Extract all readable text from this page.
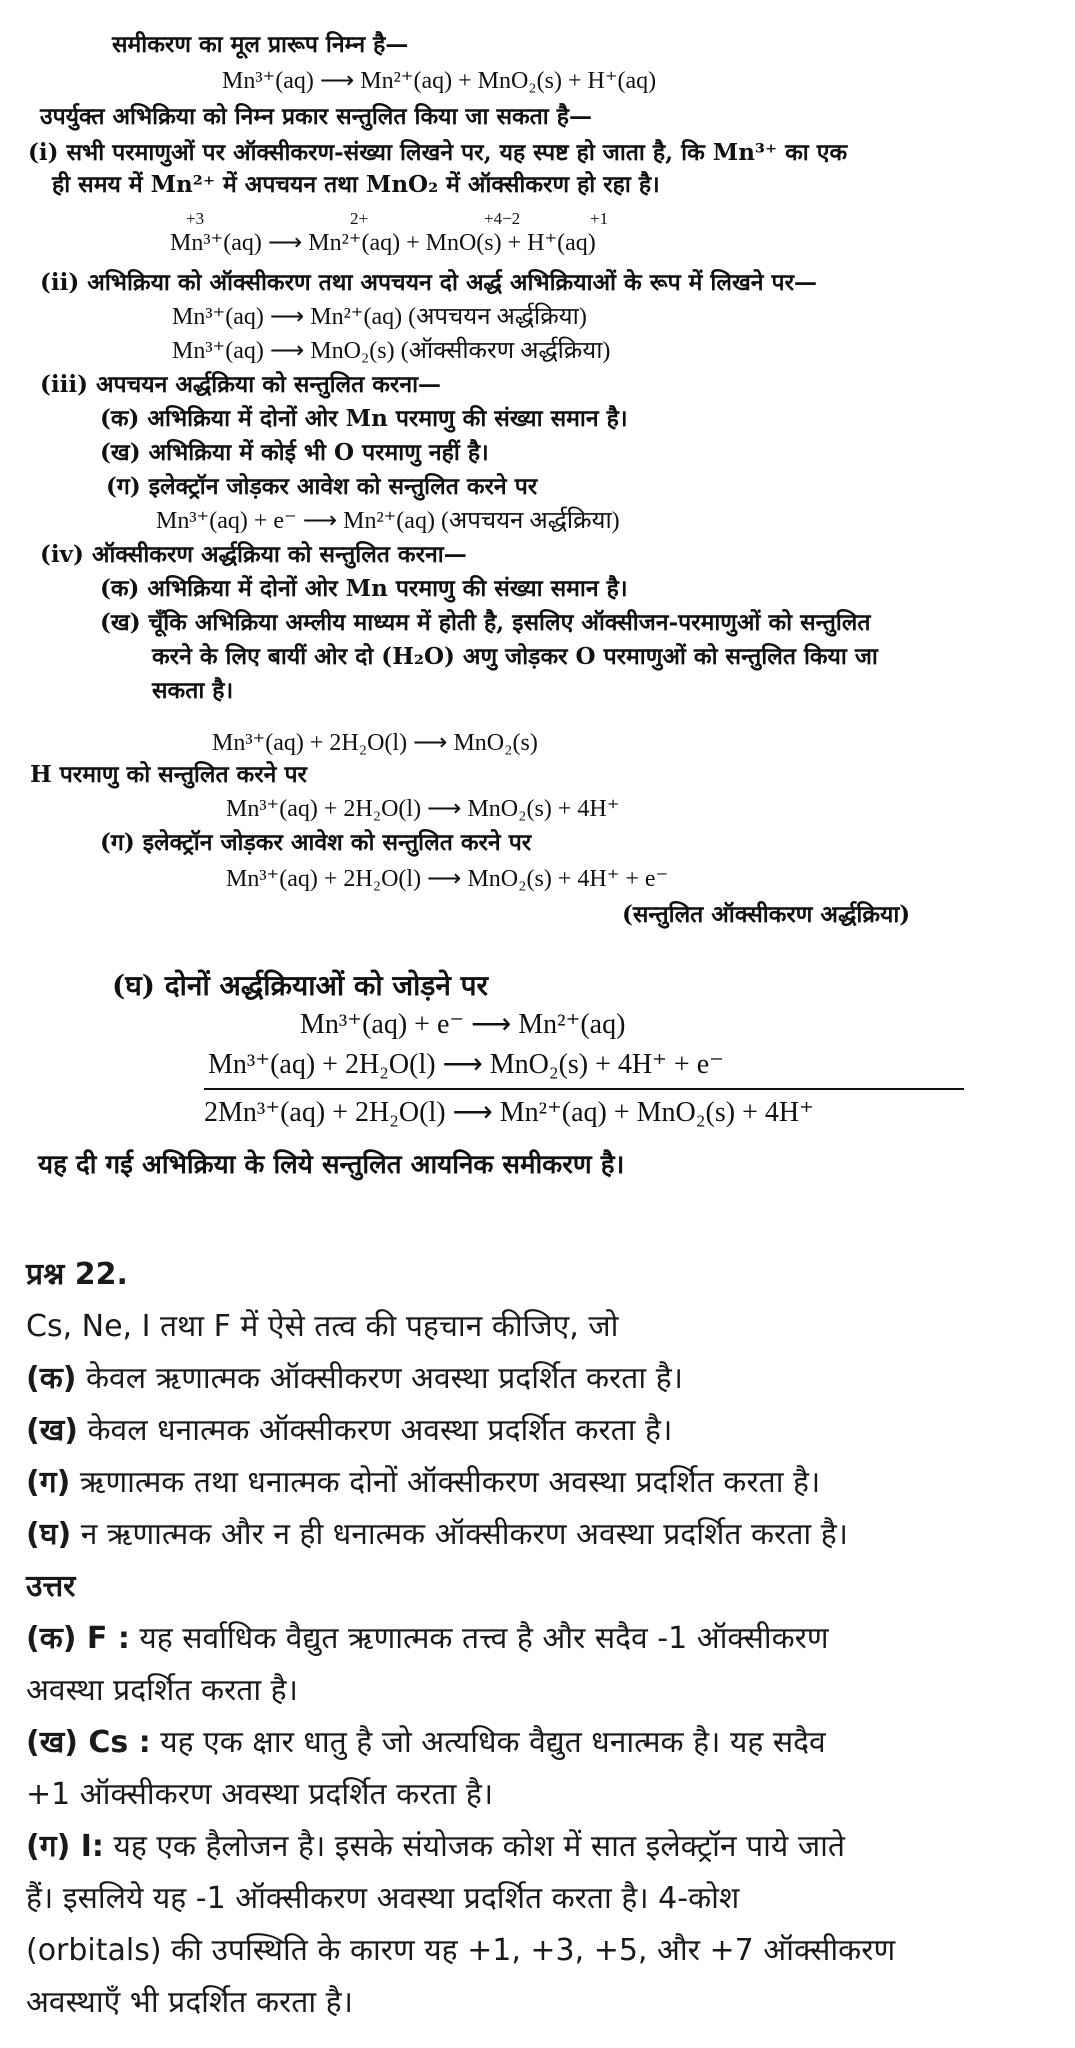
समीकरण का मूल प्रारूप निम्न है—
Mn³⁺(aq) ⟶ Mn²⁺(aq) + MnO₂(s) + H⁺(aq)
उपर्युक्त अभिक्रिया को निम्न प्रकार सन्तुलित किया जा सकता है—
(i) सभी परमाणुओं पर ऑक्सीकरण-संख्या लिखने पर, यह स्पष्ट हो जाता है, कि Mn³⁺ का एक
ही समय में Mn²⁺ में अपचयन तथा MnO₂ में ऑक्सीकरण हो रहा है।
+3	2+	+4−2	+1
Mn³⁺(aq) ⟶ Mn²⁺(aq) + MnO(s) + H⁺(aq)
(ii) अभिक्रिया को ऑक्सीकरण तथा अपचयन दो अर्द्ध अभिक्रियाओं के रूप में लिखने पर—
Mn³⁺(aq) ⟶ Mn²⁺(aq) (अपचयन अर्द्धक्रिया)
Mn³⁺(aq) ⟶ MnO₂(s) (ऑक्सीकरण अर्द्धक्रिया)
(iii) अपचयन अर्द्धक्रिया को सन्तुलित करना—
(क) अभिक्रिया में दोनों ओर Mn परमाणु की संख्या समान है।
(ख) अभिक्रिया में कोई भी O परमाणु नहीं है।
(ग) इलेक्ट्रॉन जोड़कर आवेश को सन्तुलित करने पर
Mn³⁺(aq) + e⁻ ⟶ Mn²⁺(aq) (अपचयन अर्द्धक्रिया)
(iv) ऑक्सीकरण अर्द्धक्रिया को सन्तुलित करना—
(क) अभिक्रिया में दोनों ओर Mn परमाणु की संख्या समान है।
(ख) चूँकि अभिक्रिया अम्लीय माध्यम में होती है, इसलिए ऑक्सीजन-परमाणुओं को सन्तुलित
करने के लिए बायीं ओर दो (H₂O) अणु जोड़कर O परमाणुओं को सन्तुलित किया जा
सकता है।
Mn³⁺(aq) + 2H₂O(l) ⟶ MnO₂(s)
H परमाणु को सन्तुलित करने पर
Mn³⁺(aq) + 2H₂O(l) ⟶ MnO₂(s) + 4H⁺
(ग) इलेक्ट्रॉन जोड़कर आवेश को सन्तुलित करने पर
Mn³⁺(aq) + 2H₂O(l) ⟶ MnO₂(s) + 4H⁺ + e⁻
(सन्तुलित ऑक्सीकरण अर्द्धक्रिया)
(घ) दोनों अर्द्धक्रियाओं को जोड़ने पर
Mn³⁺(aq) + e⁻ ⟶ Mn²⁺(aq)
Mn³⁺(aq) + 2H₂O(l) ⟶ MnO₂(s) + 4H⁺ + e⁻
2Mn³⁺(aq) + 2H₂O(l) ⟶ Mn²⁺(aq) + MnO₂(s) + 4H⁺
यह दी गई अभिक्रिया के लिये सन्तुलित आयनिक समीकरण है।
प्रश्न 22.
Cs, Ne, I तथा F में ऐसे तत्व की पहचान कीजिए, जो
(क) केवल ऋणात्मक ऑक्सीकरण अवस्था प्रदर्शित करता है।
(ख) केवल धनात्मक ऑक्सीकरण अवस्था प्रदर्शित करता है।
(ग) ऋणात्मक तथा धनात्मक दोनों ऑक्सीकरण अवस्था प्रदर्शित करता है।
(घ) न ऋणात्मक और न ही धनात्मक ऑक्सीकरण अवस्था प्रदर्शित करता है।
उत्तर
(क) F : यह सर्वाधिक वैद्युत ऋणात्मक तत्त्व है और सदैव -1 ऑक्सीकरण
अवस्था प्रदर्शित करता है।
(ख) Cs : यह एक क्षार धातु है जो अत्यधिक वैद्युत धनात्मक है। यह सदैव
+1 ऑक्सीकरण अवस्था प्रदर्शित करता है।
(ग) I: यह एक हैलोजन है। इसके संयोजक कोश में सात इलेक्ट्रॉन पाये जाते
हैं। इसलिये यह -1 ऑक्सीकरण अवस्था प्रदर्शित करता है। 4-कोश
(orbitals) की उपस्थिति के कारण यह +1, +3, +5, और +7 ऑक्सीकरण
अवस्थाएँ भी प्रदर्शित करता है।
